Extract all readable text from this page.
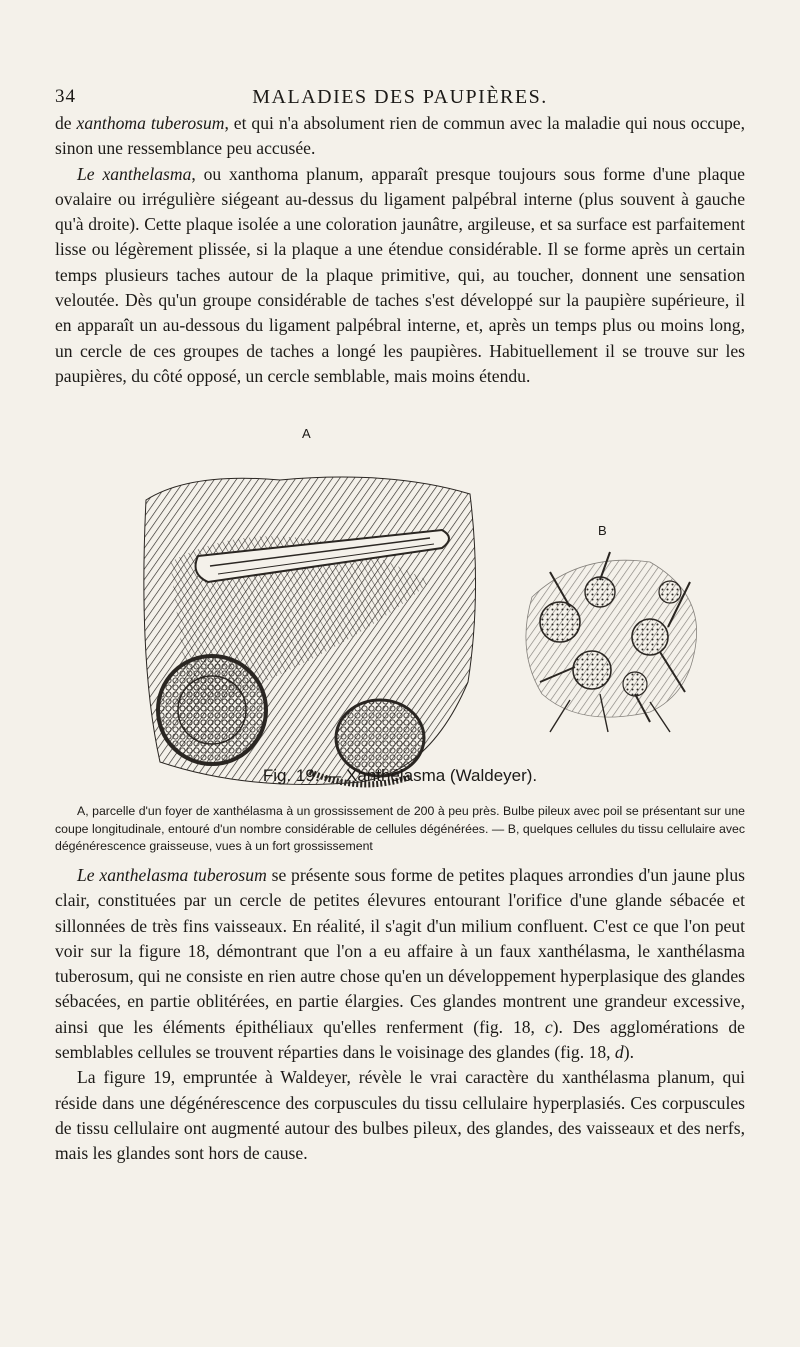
34	MALADIES DES PAUPIÈRES.

de xanthoma tuberosum, et qui n'a absolument rien de commun avec la maladie qui nous occupe, sinon une ressemblance peu accusée.
Le xanthelasma, ou xanthoma planum, apparaît presque toujours sous forme d'une plaque ovalaire ou irrégulière siégeant au-dessus du ligament palpébral interne (plus souvent à gauche qu'à droite). Cette plaque isolée a une coloration jaunâtre, argileuse, et sa surface est parfaitement lisse ou légèrement plissée, si la plaque a une étendue considérable. Il se forme après un certain temps plusieurs taches autour de la plaque primitive, qui, au toucher, donnent une sensation veloutée. Dès qu'un groupe considérable de taches s'est développé sur la paupière supérieure, il en apparaît un au-dessous du ligament palpébral interne, et, après un temps plus ou moins long, un cercle de ces groupes de taches a longé les paupières. Habituellement il se trouve sur les paupières, du côté opposé, un cercle semblable, mais moins étendu.

A
B
Fig. 19. — Xanthélasma (Waldeyer).

A, parcelle d'un foyer de xanthélasma à un grossissement de 200 à peu près. Bulbe pileux avec poil se présentant sur une coupe longitudinale, entouré d'un nombre considérable de cellules dégénérées. — B, quelques cellules du tissu cellulaire avec dégénérescence graisseuse, vues à un fort grossissement

Le xanthelasma tuberosum se présente sous forme de petites plaques arrondies d'un jaune plus clair, constituées par un cercle de petites élevures entourant l'orifice d'une glande sébacée et sillonnées de très fins vaisseaux. En réalité, il s'agit d'un milium confluent. C'est ce que l'on peut voir sur la figure 18, démontrant que l'on a eu affaire à un faux xanthélasma, le xanthélasma tuberosum, qui ne consiste en rien autre chose qu'en un développement hyperplasique des glandes sébacées, en partie oblitérées, en partie élargies. Ces glandes montrent une grandeur excessive, ainsi que les éléments épithéliaux qu'elles renferment (fig. 18, c). Des agglomérations de semblables cellules se trouvent réparties dans le voisinage des glandes (fig. 18, d).
La figure 19, empruntée à Waldeyer, révèle le vrai caractère du xanthélasma planum, qui réside dans une dégénérescence des corpuscules du tissu cellulaire hyperplasiés. Ces corpuscules de tissu cellulaire ont augmenté autour des bulbes pileux, des glandes, des vaisseaux et des nerfs, mais les glandes sont hors de cause.
